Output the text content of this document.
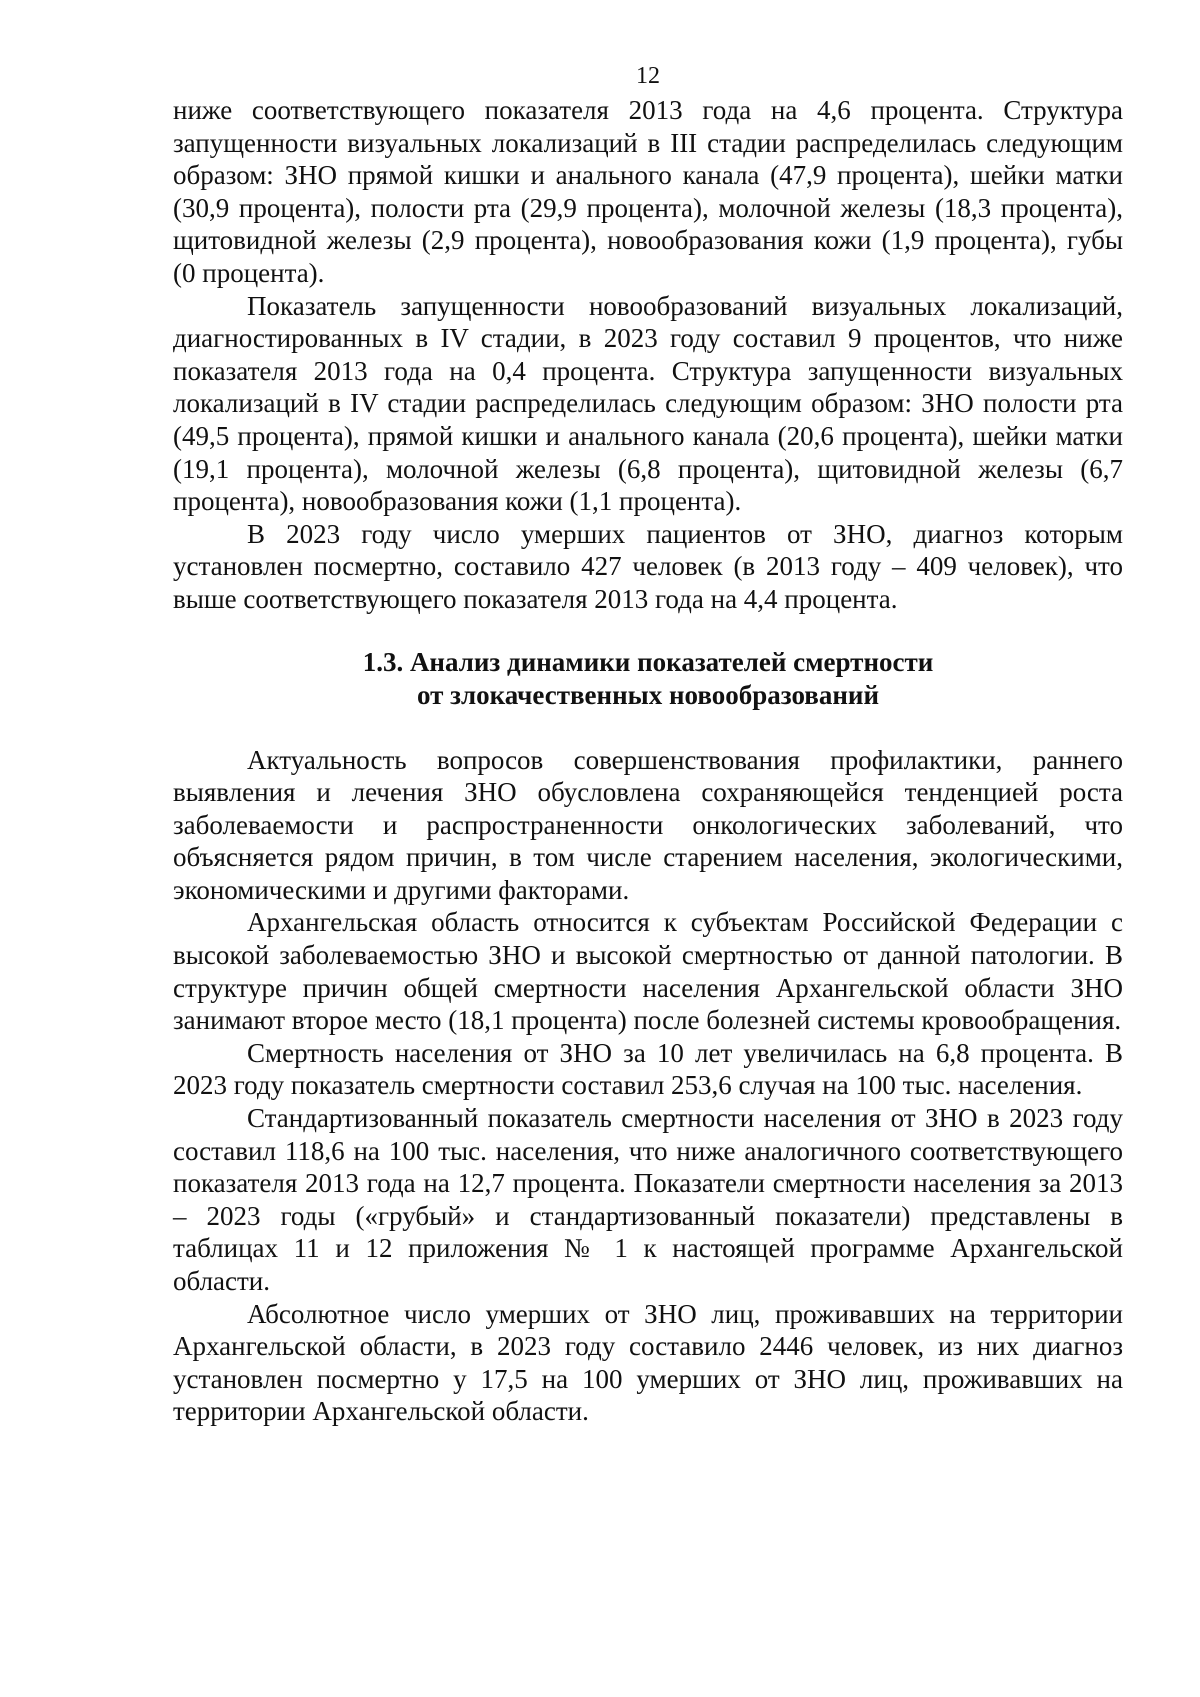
12

ниже соответствующего показателя 2013 года на 4,6 процента. Структура запущенности визуальных локализаций в III стадии распределилась следующим образом: ЗНО прямой кишки и анального канала (47,9 процента), шейки матки (30,9 процента), полости рта (29,9 процента), молочной железы (18,3 процента), щитовидной железы (2,9 процента), новообразования кожи (1,9 процента), губы (0 процента).

Показатель запущенности новообразований визуальных локализаций, диагностированных в IV стадии, в 2023 году составил 9 процентов, что ниже показателя 2013 года на 0,4 процента. Структура запущенности визуальных локализаций в IV стадии распределилась следующим образом: ЗНО полости рта (49,5 процента), прямой кишки и анального канала (20,6 процента), шейки матки (19,1 процента), молочной железы (6,8 процента), щитовидной железы (6,7 процента), новообразования кожи (1,1 процента).

В 2023 году число умерших пациентов от ЗНО, диагноз которым установлен посмертно, составило 427 человек (в 2013 году – 409 человек), что выше соответствующего показателя 2013 года на 4,4 процента.

1.3. Анализ динамики показателей смертности
от злокачественных новообразований

Актуальность вопросов совершенствования профилактики, раннего выявления и лечения ЗНО обусловлена сохраняющейся тенденцией роста заболеваемости и распространенности онкологических заболеваний, что объясняется рядом причин, в том числе старением населения, экологическими, экономическими и другими факторами.

Архангельская область относится к субъектам Российской Федерации с высокой заболеваемостью ЗНО и высокой смертностью от данной патологии. В структуре причин общей смертности населения Архангельской области ЗНО занимают второе место (18,1 процента) после болезней системы кровообращения.

Смертность населения от ЗНО за 10 лет увеличилась на 6,8 процента. В 2023 году показатель смертности составил 253,6 случая на 100 тыс. населения.

Стандартизованный показатель смертности населения от ЗНО в 2023 году составил 118,6 на 100 тыс. населения, что ниже аналогичного соответствующего показателя 2013 года на 12,7 процента. Показатели смертности населения за 2013 – 2023 годы («грубый» и стандартизованный показатели) представлены в таблицах 11 и 12 приложения № 1 к настоящей программе Архангельской области.

Абсолютное число умерших от ЗНО лиц, проживавших на территории Архангельской области, в 2023 году составило 2446 человек, из них диагноз установлен посмертно у 17,5 на 100 умерших от ЗНО лиц, проживавших на территории Архангельской области.
